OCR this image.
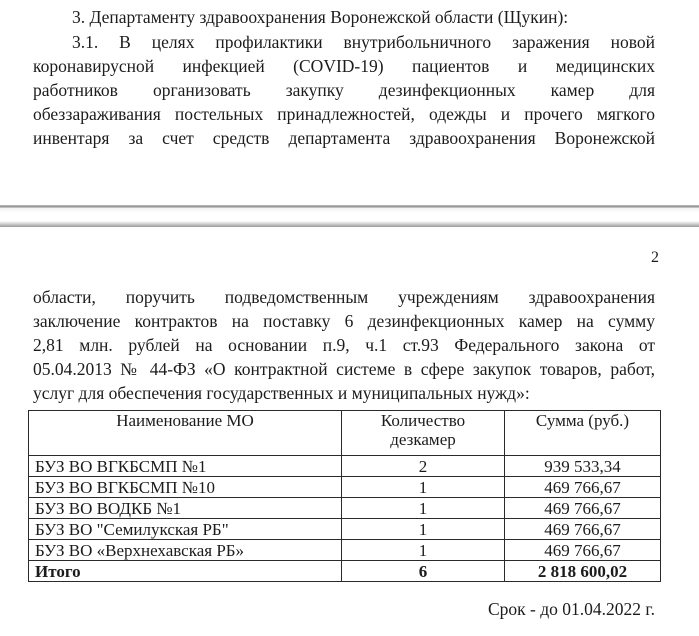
3. Департаменту здравоохранения Воронежской области (Щукин):
3.1. В целях профилактики внутрибольничного заражения новой
коронавирусной инфекцией (COVID-19) пациентов и медицинских
работников организовать закупку дезинфекционных камер для
обеззараживания постельных принадлежностей, одежды и прочего мягкого
инвентаря за счет средств департамента здравоохранения Воронежской
2
области, поручить подведомственным учреждениям здравоохранения
заключение контрактов на поставку 6 дезинфекционных камер на сумму
2,81 млн. рублей на основании п.9, ч.1 ст.93 Федерального закона от
05.04.2013 № 44-ФЗ «О контрактной системе в сфере закупок товаров, работ,
услуг для обеспечения государственных и муниципальных нужд»:
Наименование МО	Количество дезкамер	Сумма (руб.)
БУЗ ВО ВГКБСМП №1	2	939 533,34
БУЗ ВО ВГКБСМП №10	1	469 766,67
БУЗ ВО ВОДКБ №1	1	469 766,67
БУЗ ВО "Семилукская РБ"	1	469 766,67
БУЗ ВО «Верхнехавская РБ»	1	469 766,67
Итого	6	2 818 600,02
Срок - до 01.04.2022 г.
